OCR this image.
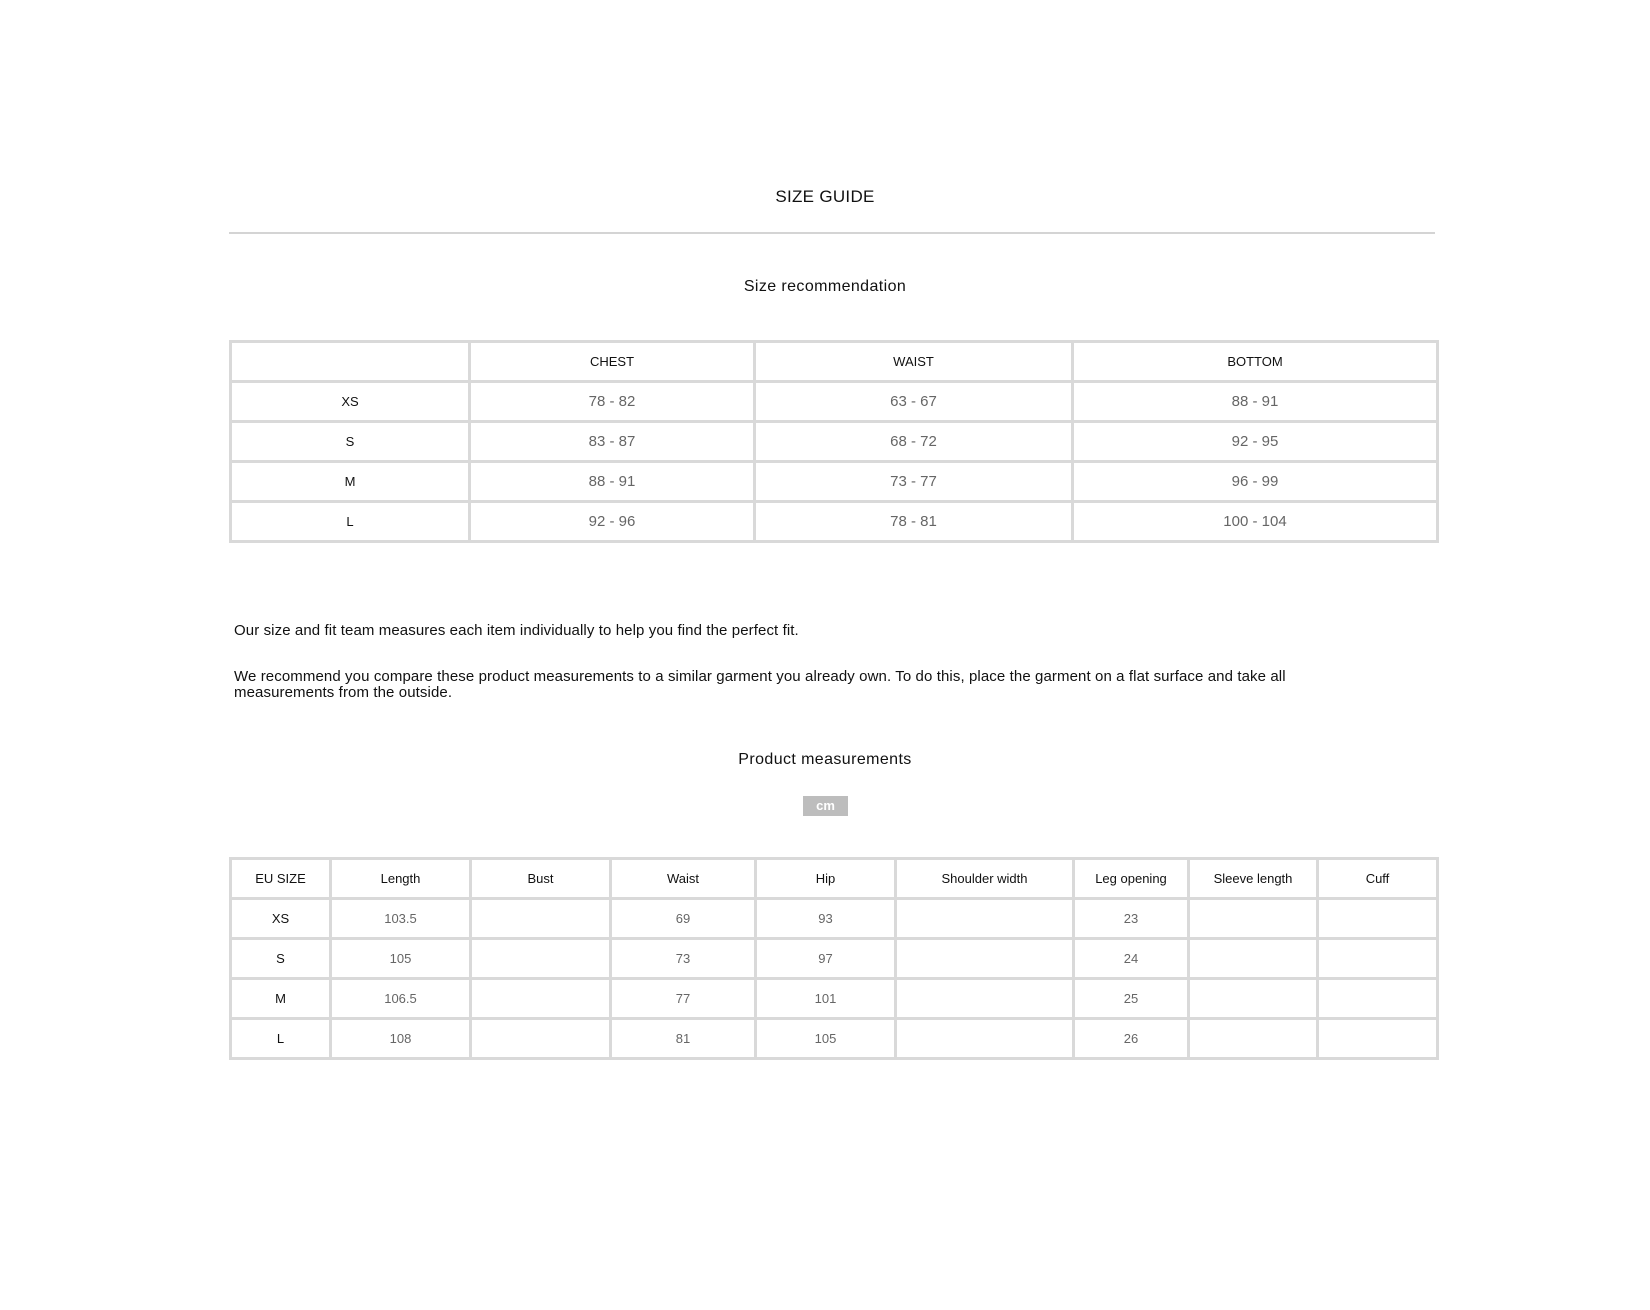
SIZE GUIDE
Size recommendation
	CHEST	WAIST	BOTTOM
XS	78 - 82	63 - 67	88 - 91
S	83 - 87	68 - 72	92 - 95
M	88 - 91	73 - 77	96 - 99
L	92 - 96	78 - 81	100 - 104
Our size and fit team measures each item individually to help you find the perfect fit.
We recommend you compare these product measurements to a similar garment you already own. To do this, place the garment on a flat surface and take all measurements from the outside.
Product measurements
cm
EU SIZE	Length	Bust	Waist	Hip	Shoulder width	Leg opening	Sleeve length	Cuff
XS	103.5		69	93		23		
S	105		73	97		24		
M	106.5		77	101		25		
L	108		81	105		26		
